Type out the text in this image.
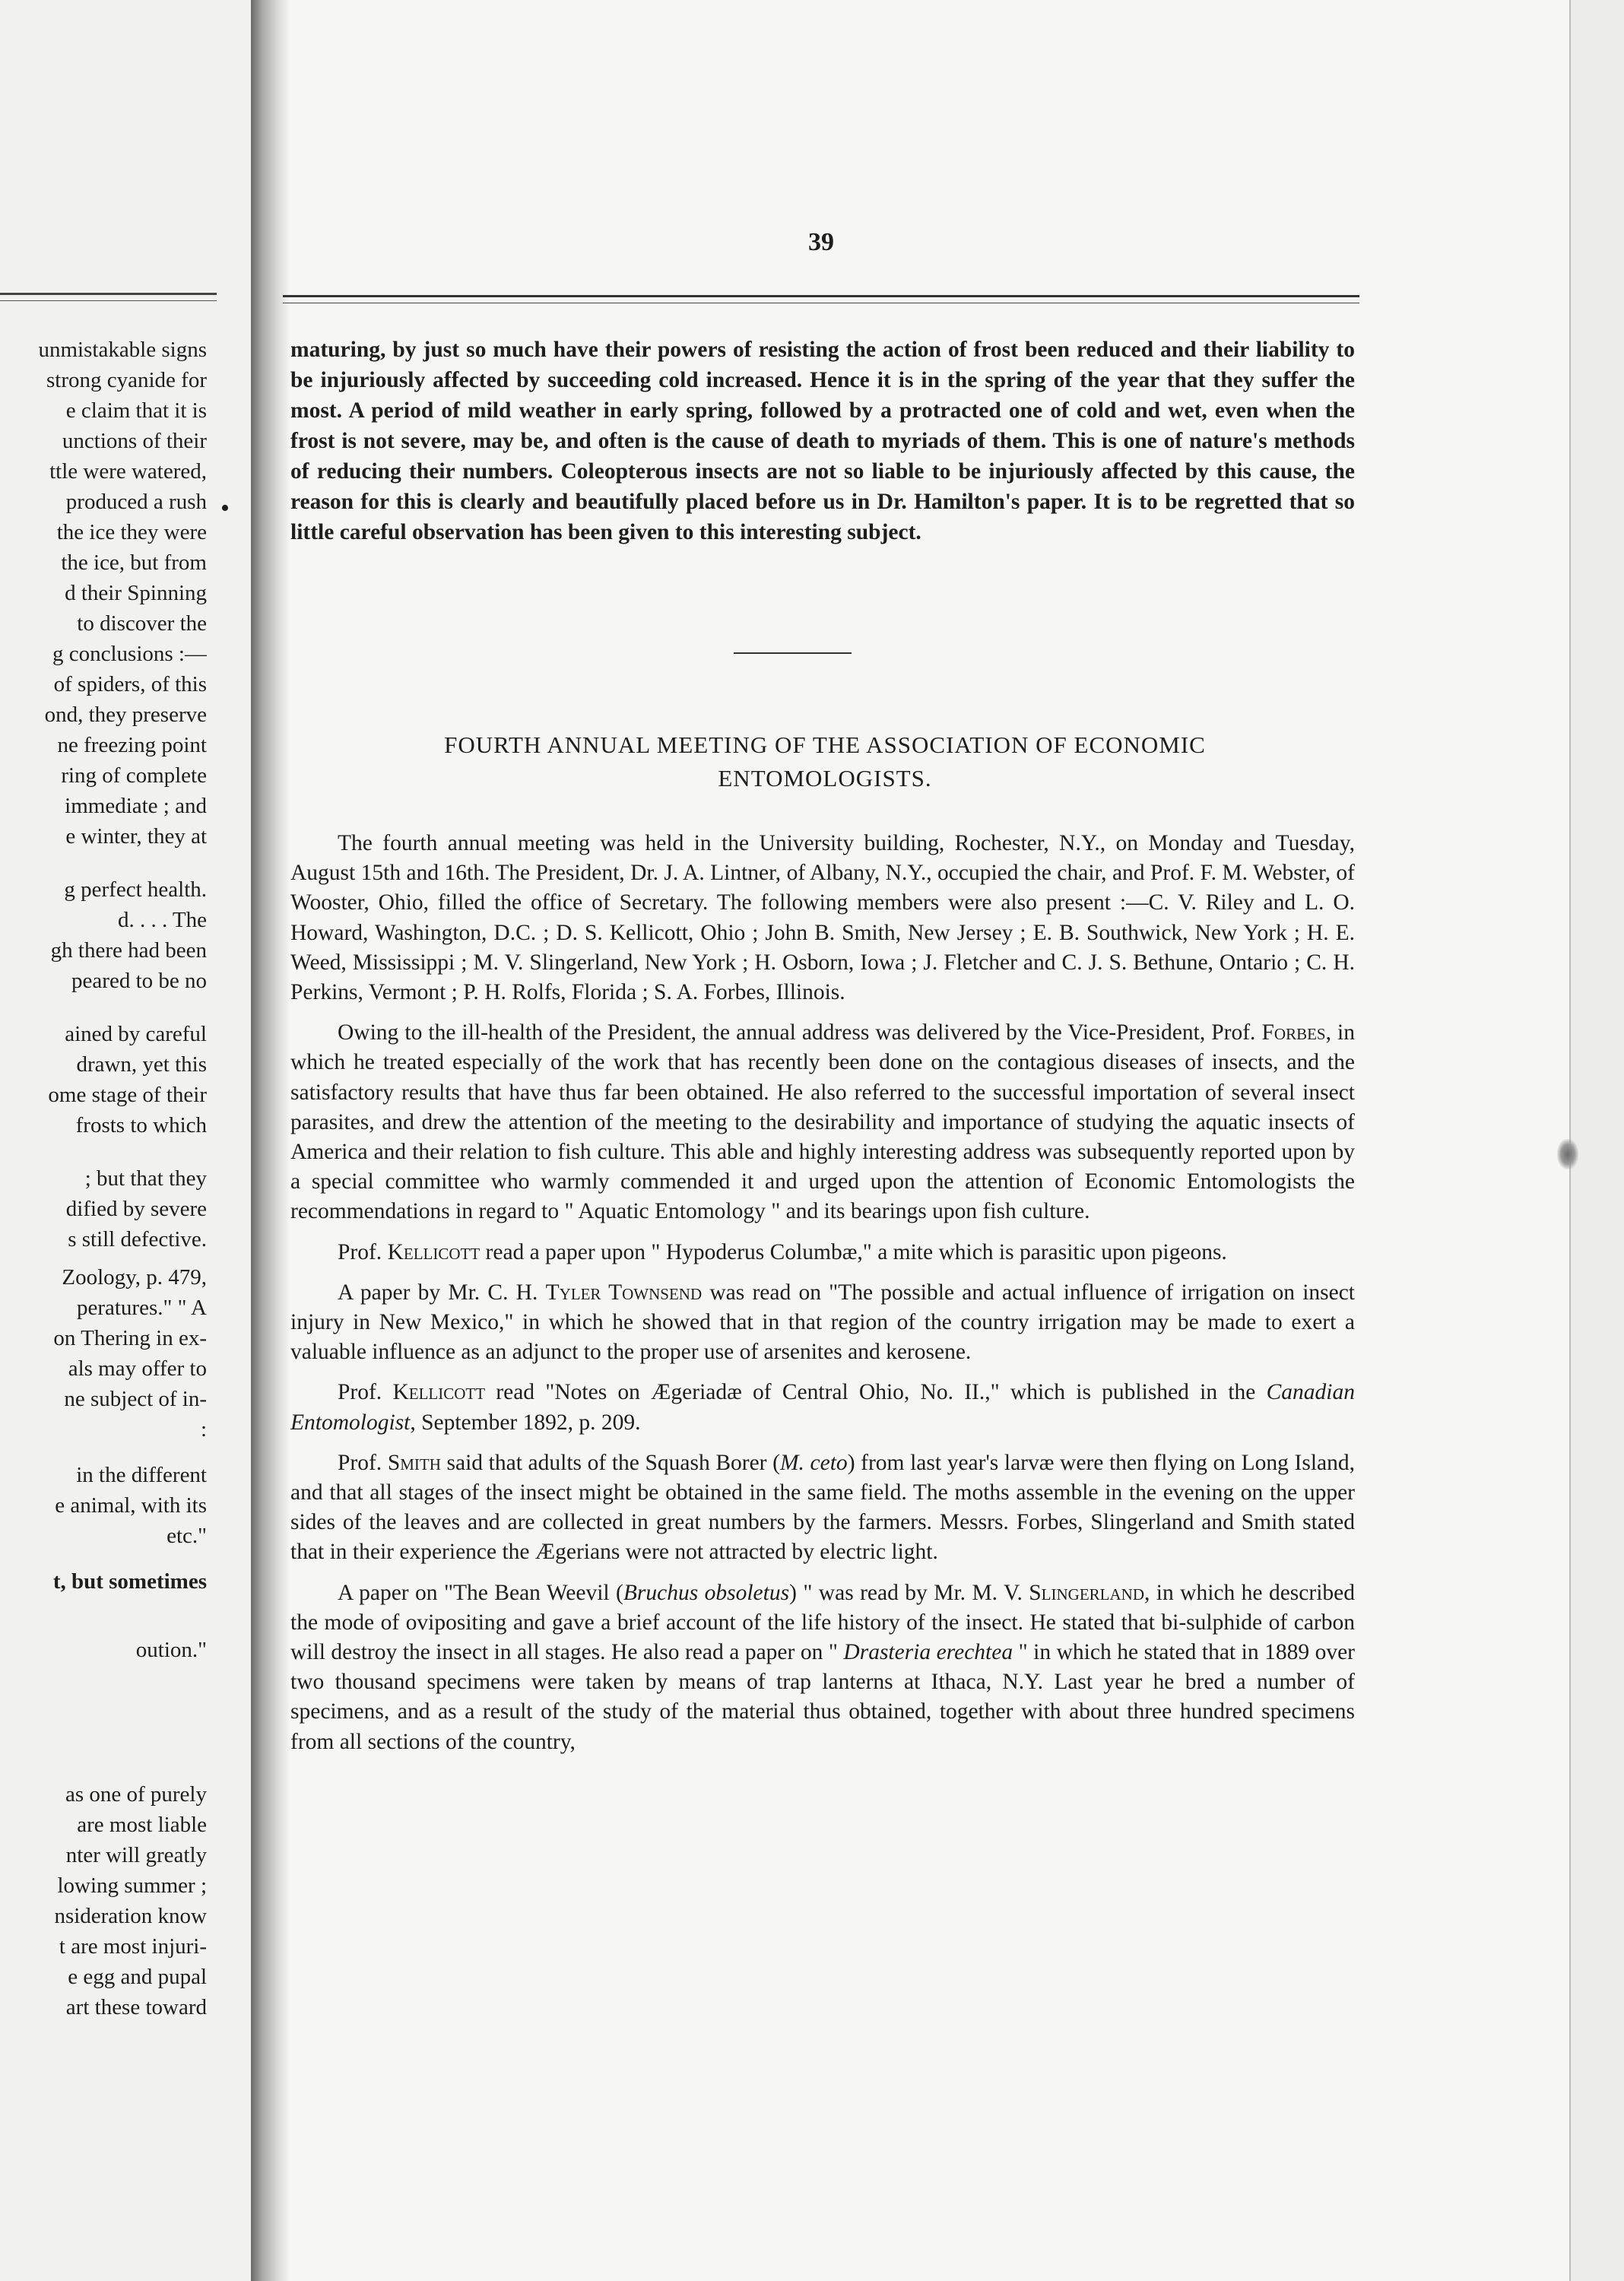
unmistakable signs
strong cyanide for
e claim that it is
unctions of their
ttle were watered,
produced a rush
the ice they were
the ice, but from
d their Spinning
to discover the
g conclusions :—
of spiders, of this
ond, they preserve
ne freezing point
ring of complete
immediate ; and
e winter, they at
g perfect health.
d. . . . The
gh there had been
peared to be no
ained by careful
drawn, yet this
ome stage of their
frosts to which
; but that they
dified by severe
s still defective.
Zoology, p. 479,
peratures." " A
on Thering in ex-
als may offer to
ne subject of in-
:
in the different
e animal, with its
etc."
t, but sometimes
oution."
as one of purely
are most liable
nter will greatly
lowing summer ;
nsideration know
t are most injuri-
e egg and pupal
art these toward
•
39
maturing, by just so much have their powers of resisting the action of frost been reduced and their liability to be injuriously affected by succeeding cold increased. Hence it is in the spring of the year that they suffer the most. A period of mild weather in early spring, followed by a protracted one of cold and wet, even when the frost is not severe, may be, and often is the cause of death to myriads of them. This is one of nature's methods of reducing their numbers. Coleopterous insects are not so liable to be injuriously affected by this cause, the reason for this is clearly and beautifully placed before us in Dr. Hamilton's paper. It is to be regretted that so little careful observation has been given to this interesting subject.
FOURTH ANNUAL MEETING OF THE ASSOCIATION OF ECONOMIC
ENTOMOLOGISTS.

The fourth annual meeting was held in the University building, Rochester, N.Y., on Monday and Tuesday, August 15th and 16th. The President, Dr. J. A. Lintner, of Albany, N.Y., occupied the chair, and Prof. F. M. Webster, of Wooster, Ohio, filled the office of Secretary. The following members were also present :—C. V. Riley and L. O. Howard, Washington, D.C. ; D. S. Kellicott, Ohio ; John B. Smith, New Jersey ; E. B. Southwick, New York ; H. E. Weed, Mississippi ; M. V. Slingerland, New York ; H. Osborn, Iowa ; J. Fletcher and C. J. S. Bethune, Ontario ; C. H. Perkins, Vermont ; P. H. Rolfs, Florida ; S. A. Forbes, Illinois.

Owing to the ill-health of the President, the annual address was delivered by the Vice-President, Prof. Forbes, in which he treated especially of the work that has recently been done on the contagious diseases of insects, and the satisfactory results that have thus far been obtained. He also referred to the successful importation of several insect parasites, and drew the attention of the meeting to the desirability and importance of studying the aquatic insects of America and their relation to fish culture. This able and highly interesting address was subsequently reported upon by a special committee who warmly commended it and urged upon the attention of Economic Entomologists the recommendations in regard to " Aquatic Entomology " and its bearings upon fish culture.

Prof. Kellicott read a paper upon " Hypoderus Columbæ," a mite which is parasitic upon pigeons.

A paper by Mr. C. H. Tyler Townsend was read on "The possible and actual influence of irrigation on insect injury in New Mexico," in which he showed that in that region of the country irrigation may be made to exert a valuable influence as an adjunct to the proper use of arsenites and kerosene.

Prof. Kellicott read "Notes on Ægeriadæ of Central Ohio, No. II.," which is published in the Canadian Entomologist, September 1892, p. 209.

Prof. Smith said that adults of the Squash Borer (M. ceto) from last year's larvæ were then flying on Long Island, and that all stages of the insect might be obtained in the same field. The moths assemble in the evening on the upper sides of the leaves and are collected in great numbers by the farmers. Messrs. Forbes, Slingerland and Smith stated that in their experience the Ægerians were not attracted by electric light.

A paper on "The Bean Weevil (Bruchus obsoletus) " was read by Mr. M. V. Slingerland, in which he described the mode of ovipositing and gave a brief account of the life history of the insect. He stated that bi-sulphide of carbon will destroy the insect in all stages. He also read a paper on " Drasteria erechtea " in which he stated that in 1889 over two thousand specimens were taken by means of trap lanterns at Ithaca, N.Y. Last year he bred a number of specimens, and as a result of the study of the material thus obtained, together with about three hundred specimens from all sections of the country,
